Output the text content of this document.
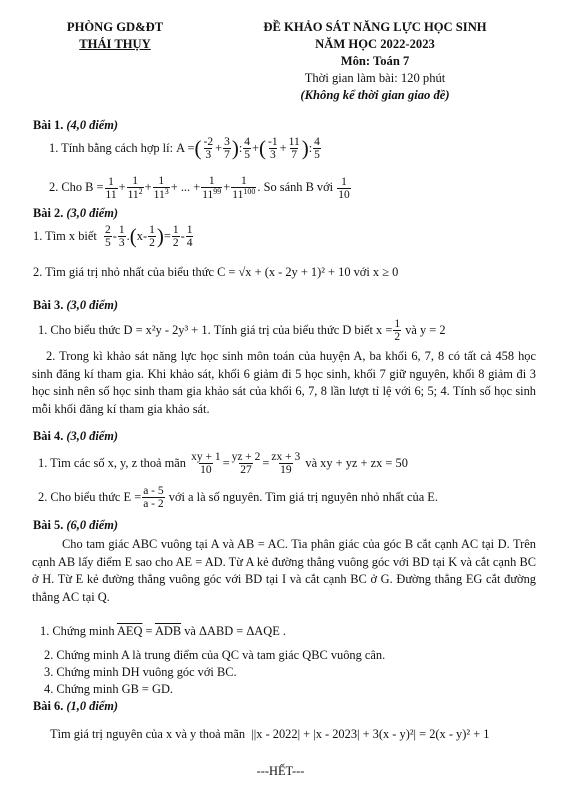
PHÒNG GD&ĐT
THÁI THỤY
ĐỀ KHẢO SÁT NĂNG LỰC HỌC SINH
NĂM HỌC 2022-2023
Môn: Toán 7
Thời gian làm bài: 120 phút
(Không kể thời gian giao đề)
Bài 1. (4,0 điểm)
1. Tính bằng cách hợp lí:
A = ( $\frac{-2}{3} + \frac{3}{7}$ ) : $\frac{4}{5}$ + ( $\frac{-1}{3} + \frac{11}{7}$ ) : $\frac{4}{5}$
2. Cho
$B = \frac{1}{11} + \frac{1}{11^2} + \frac{1}{11^3}$ + ... + $\frac{1}{11^{99}} + \frac{1}{11^{100}}$ . So sánh B với
$\frac{1}{10}$
Bài 2. (3,0 điểm)
1. Tìm x biết
$\frac{2}{5} - \frac{1}{3}$ . ( $x- \frac{1}{2}$ ) = $\frac{1}{2} - \frac{1}{4}$
2. Tìm giá trị nhỏ nhất của biểu thức C = √x + (x - 2y + 1)² + 10 với x ≥ 0
Bài 3. (3,0 điểm)
1. Cho biểu thức
D = x²y - 2y³ + 1.
Tính giá trị của biểu thức D biết $x = \frac{1}{2}$
và y = 2
2. Trong kì khảo sát năng lực học sinh môn toán của huyện A, ba khối 6, 7, 8 có tất cả 458 học sinh đăng kí tham gia. Khi khảo sát, khối 6 giảm đi 5 học sinh, khối 7 giữ nguyên, khối 8 giảm đi 3 học sinh nên số học sinh tham gia khảo sát của khối 6, 7, 8 lần lượt tỉ lệ với 6; 5; 4. Tính số học sinh mỗi khối đăng kí tham gia khảo sát.
Bài 4. (3,0 điểm)
1. Tìm các số x, y, z thoả mãn
$\frac{xy + 1}{10} = \frac{yz + 2}{27} = \frac{zx + 3}{19}$
và xy + yz + zx = 50
2. Cho biểu thức $E = \frac{a - 5}{a - 2}$
với a là số nguyên. Tìm giá trị nguyên nhỏ nhất của E.
Bài 5. (6,0 điểm)
Cho tam giác ABC vuông tại A và AB = AC. Tia phân giác của góc B cắt cạnh AC tại D. Trên cạnh AB lấy điểm E sao cho AE = AD. Từ A kẻ đường thẳng vuông góc với BD tại K và cắt cạnh BC ở H. Từ E kẻ đường thẳng vuông góc với BD tại I và cắt cạnh BC ở G. Đường thẳng EG cắt đường thẳng AC tại Q.
1. Chứng minh $\overline{AEQ} = \overline{ADB}$ và ΔABD = ΔAQE .
2. Chứng minh A là trung điểm của QC và tam giác QBC vuông cân.
3. Chứng minh DH vuông góc với BC.
4. Chứng minh GB = GD.
Bài 6. (1,0 điểm)
Tìm giá trị nguyên của x và y thoả mãn ||x - 2022| + |x - 2023| + 3(x - y)²| = 2(x - y)² + 1
---HẾT---
